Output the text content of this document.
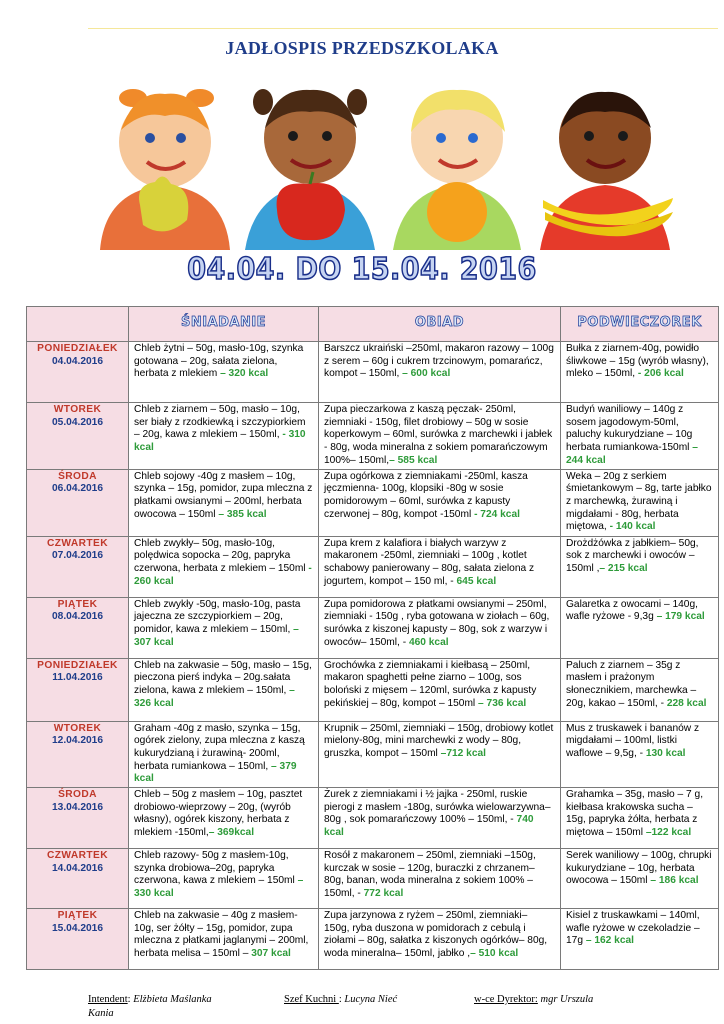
JADŁOSPIS PRZEDSZKOLAKA
04.04. DO 15.04. 2016
	ŚNIADANIE	OBIAD	PODWIECZOREK

PONIEDZIAŁEK
04.04.2016	Chleb żytni – 50g, masło-10g, szynka gotowana – 20g, sałata zielona, herbata z mlekiem – 320 kcal	Barszcz ukraiński –250ml, makaron razowy – 100g z serem – 60g i cukrem trzcinowym, pomarańcz, kompot – 150ml, – 600 kcal	Bułka z ziarnem-40g, powidło śliwkowe – 15g (wyrób własny), mleko – 150ml, - 206 kcal

WTOREK
05.04.2016	Chleb z ziarnem – 50g, masło – 10g, ser biały z rzodkiewką i szczypiorkiem – 20g, kawa z mlekiem – 150ml, - 310 kcal	Zupa pieczarkowa z kaszą pęczak- 250ml, ziemniaki - 150g, filet drobiowy – 50g w sosie koperkowym – 60ml, surówka z marchewki i jabłek - 80g, woda mineralna z sokiem pomarańczowym 100%– 150ml,– 585 kcal	Budyń waniliowy – 140g z sosem jagodowym-50ml, paluchy kukurydziane – 10g herbata rumiankowa-150ml – 244 kcal

ŚRODA
06.04.2016	Chleb sojowy -40g z masłem – 10g, szynka – 15g, pomidor, zupa mleczna z płatkami owsianymi – 200ml, herbata owocowa – 150ml – 385 kcal	Zupa ogórkowa z ziemniakami -250ml, kasza jęczmienna- 100g, klopsiki -80g w sosie pomidorowym – 60ml, surówka z kapusty czerwonej – 80g, kompot -150ml - 724 kcal	Weka – 20g z serkiem śmietankowym – 8g, tarte jabłko z marchewką, żurawiną i migdałami - 80g, herbata miętowa, - 140 kcal

CZWARTEK
07.04.2016	Chleb zwykły– 50g, masło-10g, polędwica sopocka – 20g, papryka czerwona, herbata z mlekiem – 150ml - 260 kcal	Zupa krem z kalafiora i białych warzyw z makaronem -250ml, ziemniaki – 100g , kotlet schabowy panierowany – 80g, sałata zielona z jogurtem, kompot – 150 ml, - 645 kcal	Drożdżówka z jabłkiem– 50g, sok z marchewki i owoców – 150ml ,– 215 kcal

PIĄTEK
08.04.2016	Chleb zwykły -50g, masło-10g, pasta jajeczna ze szczypiorkiem – 20g, pomidor, kawa z mlekiem – 150ml, – 307 kcal	Zupa pomidorowa z płatkami owsianymi – 250ml, ziemniaki - 150g , ryba gotowana w ziołach – 60g, surówka z kiszonej kapusty – 80g, sok z warzyw i owoców– 150ml, - 460 kcal	Galaretka z owocami – 140g, wafle ryżowe - 9,3g – 179 kcal

PONIEDZIAŁEK
11.04.2016	Chleb na zakwasie – 50g, masło – 15g, pieczona pierś indyka – 20g.sałata zielona, kawa z mlekiem – 150ml, – 326 kcal	Grochówka z ziemniakami i kiełbasą – 250ml, makaron spaghetti pełne ziarno – 100g, sos boloński z mięsem – 120ml, surówka z kapusty pekińskiej – 80g, kompot – 150ml – 736 kcal	Paluch z ziarnem – 35g z masłem i prażonym słonecznikiem, marchewka – 20g, kakao – 150ml, - 228 kcal

WTOREK
12.04.2016	Graham -40g z masło, szynka – 15g, ogórek zielony, zupa mleczna z kaszą kukurydzianą i żurawiną- 200ml, herbata rumiankowa – 150ml, – 379 kcal	Krupnik – 250ml, ziemniaki – 150g, drobiowy kotlet mielony-80g, mini marchewki z wody – 80g, gruszka, kompot – 150ml –712 kcal	Mus z truskawek i bananów z migdałami – 100ml, listki waflowe – 9,5g, - 130 kcal

ŚRODA
13.04.2016	Chleb – 50g z masłem – 10g, pasztet drobiowo-wieprzowy – 20g, (wyrób własny), ogórek kiszony, herbata z mlekiem -150ml,– 369kcal	Żurek z ziemniakami i ½ jajka - 250ml, ruskie pierogi z masłem -180g, surówka wielowarzywna– 80g , sok pomarańczowy 100% – 150ml, - 740 kcal	Grahamka – 35g, masło – 7 g, kiełbasa krakowska sucha – 15g, papryka żółta, herbata z miętowa – 150ml –122 kcal

CZWARTEK
14.04.2016	Chleb razowy- 50g z masłem-10g, szynka drobiowa–20g, papryka czerwona, kawa z mlekiem – 150ml – 330 kcal	Rosół z makaronem – 250ml, ziemniaki –150g, kurczak w sosie – 120g, buraczki z chrzanem– 80g, banan, woda mineralna z sokiem 100% –150ml, - 772 kcal	Serek waniliowy – 100g, chrupki kukurydziane – 10g, herbata owocowa – 150ml – 186 kcal

PIĄTEK
15.04.2016	Chleb na zakwasie – 40g z masłem-10g, ser żółty – 15g, pomidor, zupa mleczna z płatkami jaglanymi – 200ml, herbata melisa – 150ml – 307 kcal	Zupa jarzynowa z ryżem – 250ml, ziemniaki– 150g, ryba duszona w pomidorach z cebulą i ziołami – 80g, sałatka z kiszonych ogórków– 80g, woda mineralna– 150ml, jabłko ,– 510 kcal	Kisiel z truskawkami – 140ml, wafle ryżowe w czekoladzie – 17g – 162 kcal
Intendent: Elżbieta Maślanka	Szef Kuchni : Lucyna Nieć	w-ce Dyrektor: mgr Urszula
Kania
